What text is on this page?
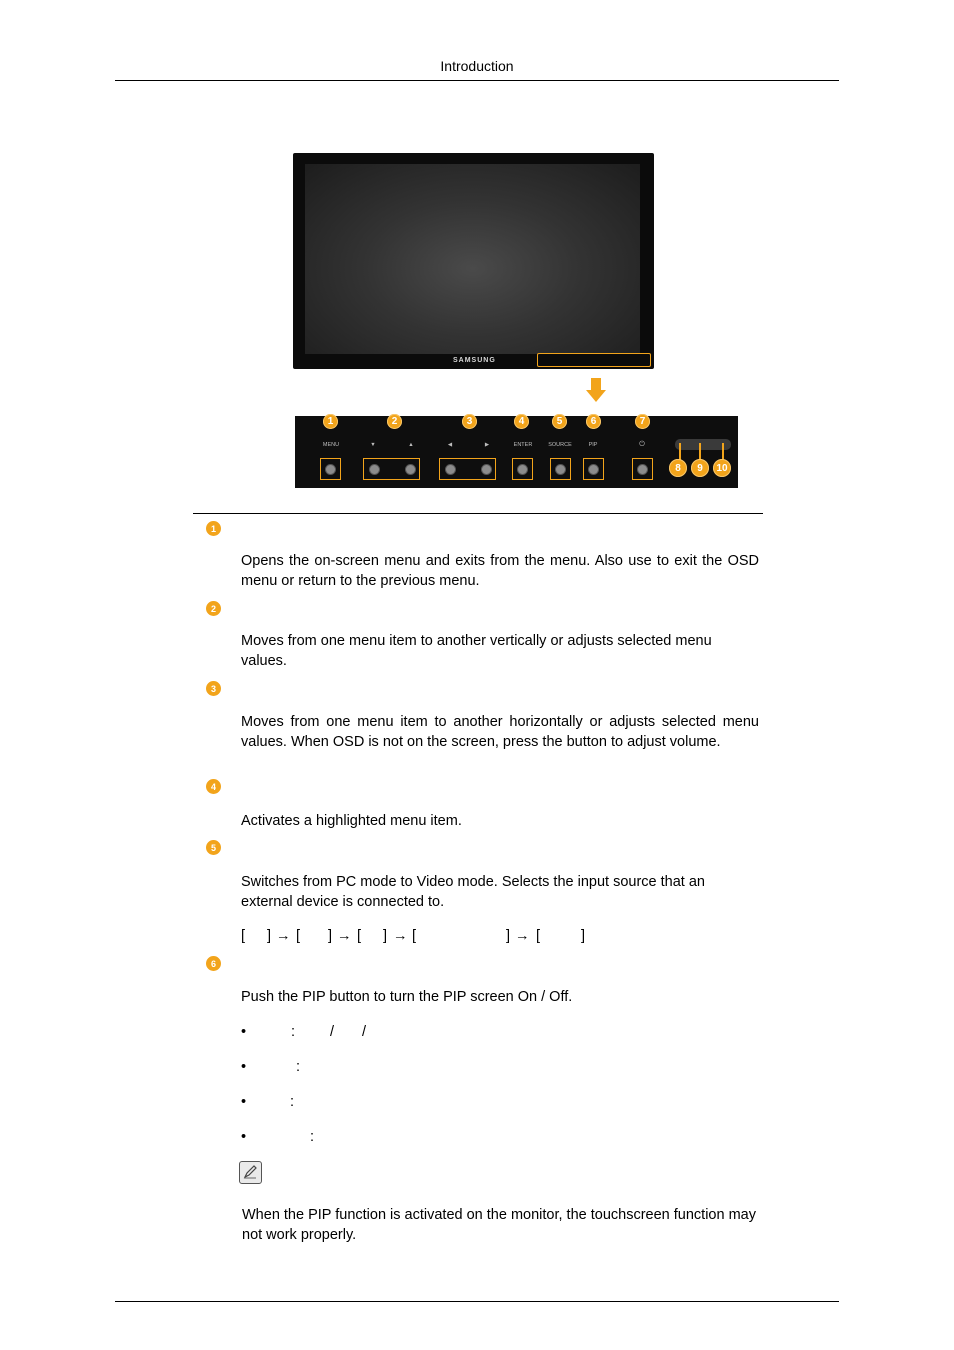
Introduction
SAMSUNG
1	2	3	4	5	6	7
MENU	▼	▲	◀	▶	ENTER	SOURCE	PIP	⏻
8	9	10
1
Opens the on-screen menu and exits from the menu. Also use to exit the OSD menu or return to the previous menu.
2
Moves from one menu item to another vertically or adjusts selected menu values.
3
Moves from one menu item to another horizontally or adjusts selected menu values. When OSD is not on the screen, press the button to adjust volume.
4
Activates a highlighted menu item.
5
Switches from PC mode to Video mode. Selects the input source that an external device is connected to.
[ ] → [ ] → [ ] → [	] → [	]
6
Push the PIP button to turn the PIP screen On / Off.
•	: / /
•	:
•	:
•	:
When the PIP function is activated on the monitor, the touchscreen function may not work properly.
